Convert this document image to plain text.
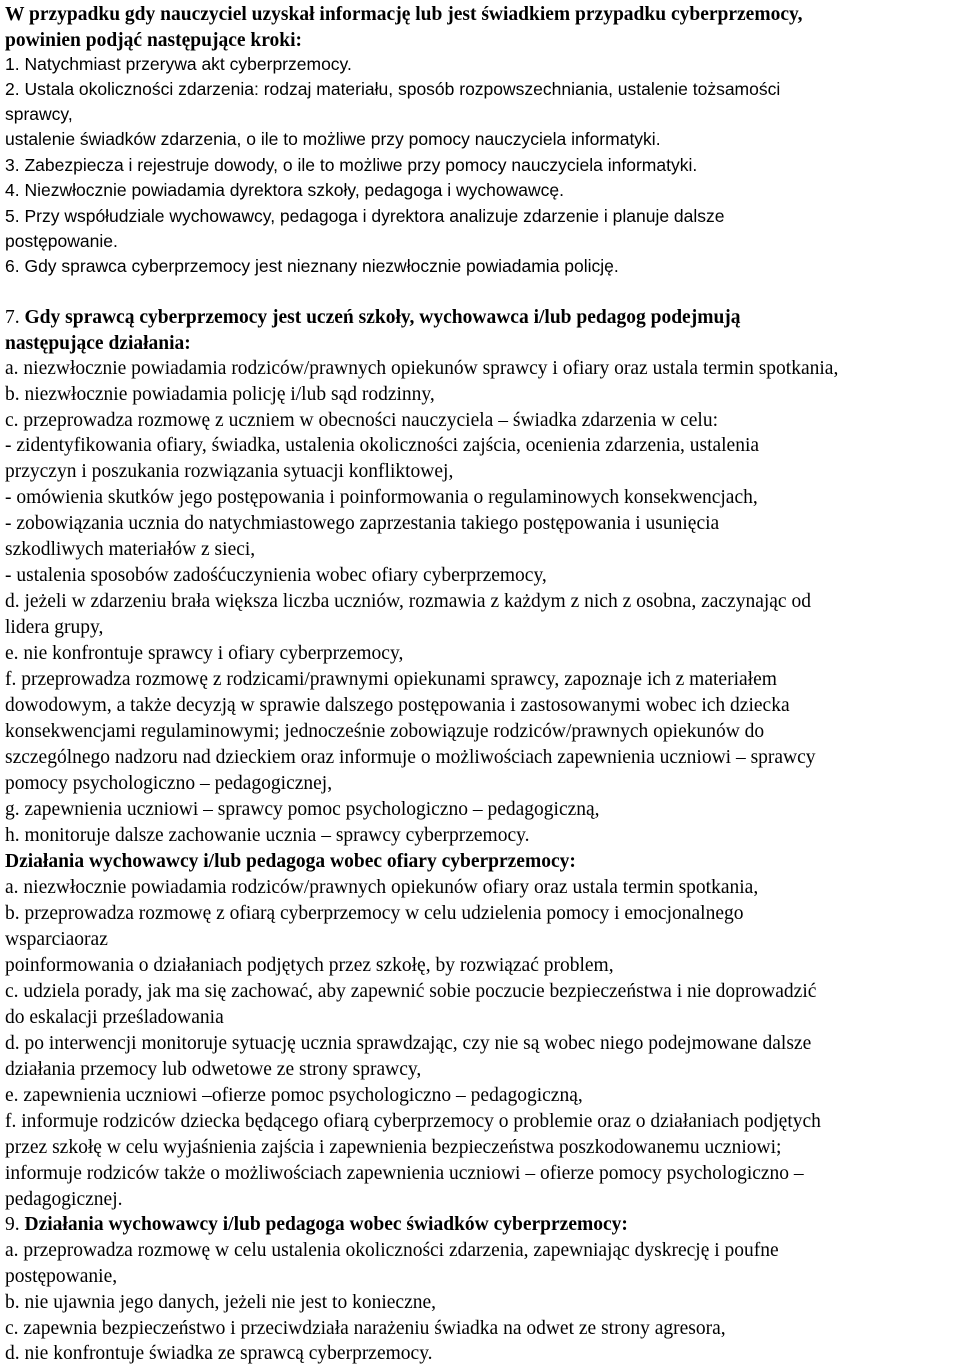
W przypadku gdy nauczyciel uzyskał informację lub jest świadkiem przypadku cyberprzemocy,
powinien podjąć następujące kroki:
1. Natychmiast przerywa akt cyberprzemocy.
2. Ustala okoliczności zdarzenia: rodzaj materiału, sposób rozpowszechniania, ustalenie tożsamości
sprawcy,
ustalenie świadków zdarzenia, o ile to możliwe przy pomocy nauczyciela informatyki.
3. Zabezpiecza i rejestruje dowody, o ile to możliwe przy pomocy nauczyciela informatyki.
4. Niezwłocznie powiadamia dyrektora szkoły, pedagoga i wychowawcę.
5. Przy współudziale wychowawcy, pedagoga i dyrektora analizuje zdarzenie i planuje dalsze
postępowanie.
6. Gdy sprawca cyberprzemocy jest nieznany niezwłocznie powiadamia policję.
7. Gdy sprawcą cyberprzemocy jest uczeń szkoły, wychowawca i/lub pedagog podejmują
następujące działania:
a. niezwłocznie powiadamia rodziców/prawnych opiekunów sprawcy i ofiary oraz ustala termin spotkania,
b. niezwłocznie powiadamia policję i/lub sąd rodzinny,
c. przeprowadza rozmowę z uczniem w obecności nauczyciela – świadka zdarzenia w celu:
- zidentyfikowania ofiary, świadka, ustalenia okoliczności zajścia, ocenienia zdarzenia, ustalenia
przyczyn i poszukania rozwiązania sytuacji konfliktowej,
- omówienia skutków jego postępowania i poinformowania o regulaminowych konsekwencjach,
- zobowiązania ucznia do natychmiastowego zaprzestania takiego postępowania i usunięcia
szkodliwych materiałów z sieci,
- ustalenia sposobów zadośćuczynienia wobec ofiary cyberprzemocy,
d. jeżeli w zdarzeniu brała większa liczba uczniów, rozmawia z każdym z nich z osobna, zaczynając od
lidera grupy,
e. nie konfrontuje sprawcy i ofiary cyberprzemocy,
f. przeprowadza rozmowę z rodzicami/prawnymi opiekunami sprawcy, zapoznaje ich z materiałem
dowodowym, a także decyzją w sprawie dalszego postępowania i zastosowanymi wobec ich dziecka
konsekwencjami regulaminowymi; jednocześnie zobowiązuje rodziców/prawnych opiekunów do
szczególnego nadzoru nad dzieckiem oraz informuje o możliwościach zapewnienia uczniowi – sprawcy
pomocy psychologiczno – pedagogicznej,
g. zapewnienia uczniowi – sprawcy pomoc psychologiczno – pedagogiczną,
h. monitoruje dalsze zachowanie ucznia – sprawcy cyberprzemocy.
Działania wychowawcy i/lub pedagoga wobec ofiary cyberprzemocy:
a. niezwłocznie powiadamia rodziców/prawnych opiekunów ofiary oraz ustala termin spotkania,
b. przeprowadza rozmowę z ofiarą cyberprzemocy w celu udzielenia pomocy i emocjonalnego
wsparciaoraz
poinformowania o działaniach podjętych przez szkołę, by rozwiązać problem,
c. udziela porady, jak ma się zachować, aby zapewnić sobie poczucie bezpieczeństwa i nie doprowadzić
do eskalacji prześladowania
d. po interwencji monitoruje sytuację ucznia sprawdzając, czy nie są wobec niego podejmowane dalsze
działania przemocy lub odwetowe ze strony sprawcy,
e. zapewnienia uczniowi –ofierze pomoc psychologiczno – pedagogiczną,
f. informuje rodziców dziecka będącego ofiarą cyberprzemocy o problemie oraz o działaniach podjętych
przez szkołę w celu wyjaśnienia zajścia i zapewnienia bezpieczeństwa poszkodowanemu uczniowi;
informuje rodziców także o możliwościach zapewnienia uczniowi – ofierze pomocy psychologiczno –
pedagogicznej.
9. Działania wychowawcy i/lub pedagoga wobec świadków cyberprzemocy:
a. przeprowadza rozmowę w celu ustalenia okoliczności zdarzenia, zapewniając dyskrecję i poufne
postępowanie,
b. nie ujawnia jego danych, jeżeli nie jest to konieczne,
c. zapewnia bezpieczeństwo i przeciwdziała narażeniu świadka na odwet ze strony agresora,
d. nie konfrontuje świadka ze sprawcą cyberprzemocy.
